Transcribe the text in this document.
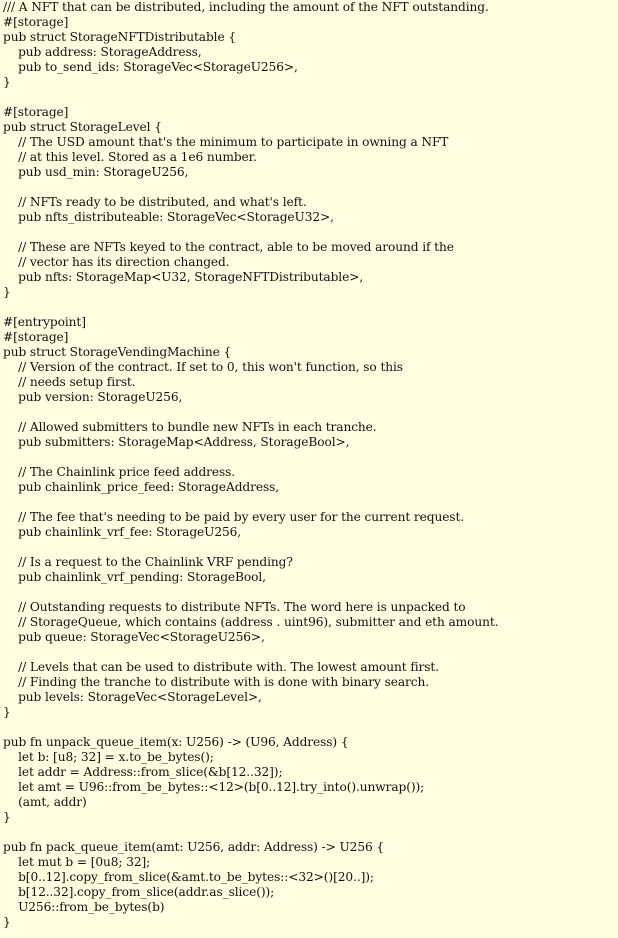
/// A NFT that can be distributed, including the amount of the NFT outstanding.
#[storage]
pub struct StorageNFTDistributable {
pub address: StorageAddress,
pub to_send_ids: StorageVec<StorageU256>,
}
#[storage]
pub struct StorageLevel {
// The USD amount that's the minimum to participate in owning a NFT
// at this level. Stored as a 1e6 number.
pub usd_min: StorageU256,
// NFTs ready to be distributed, and what's left.
pub nfts_distributeable: StorageVec<StorageU32>,
// These are NFTs keyed to the contract, able to be moved around if the
// vector has its direction changed.
pub nfts: StorageMap<U32, StorageNFTDistributable>,
}
#[entrypoint]
#[storage]
pub struct StorageVendingMachine {
// Version of the contract. If set to 0, this won't function, so this
// needs setup first.
pub version: StorageU256,
// Allowed submitters to bundle new NFTs in each tranche.
pub submitters: StorageMap<Address, StorageBool>,
// The Chainlink price feed address.
pub chainlink_price_feed: StorageAddress,
// The fee that's needing to be paid by every user for the current request.
pub chainlink_vrf_fee: StorageU256,
// Is a request to the Chainlink VRF pending?
pub chainlink_vrf_pending: StorageBool,
// Outstanding requests to distribute NFTs. The word here is unpacked to
// StorageQueue, which contains (address . uint96), submitter and eth amount.
pub queue: StorageVec<StorageU256>,
// Levels that can be used to distribute with. The lowest amount first.
// Finding the tranche to distribute with is done with binary search.
pub levels: StorageVec<StorageLevel>,
}
pub fn unpack_queue_item(x: U256) -> (U96, Address) {
let b: [u8; 32] = x.to_be_bytes();
let addr = Address::from_slice(&b[12..32]);
let amt = U96::from_be_bytes::<12>(b[0..12].try_into().unwrap());
(amt, addr)
}
pub fn pack_queue_item(amt: U256, addr: Address) -> U256 {
let mut b = [0u8; 32];
b[0..12].copy_from_slice(&amt.to_be_bytes::<32>()[20..]);
b[12..32].copy_from_slice(addr.as_slice());
U256::from_be_bytes(b)
}
